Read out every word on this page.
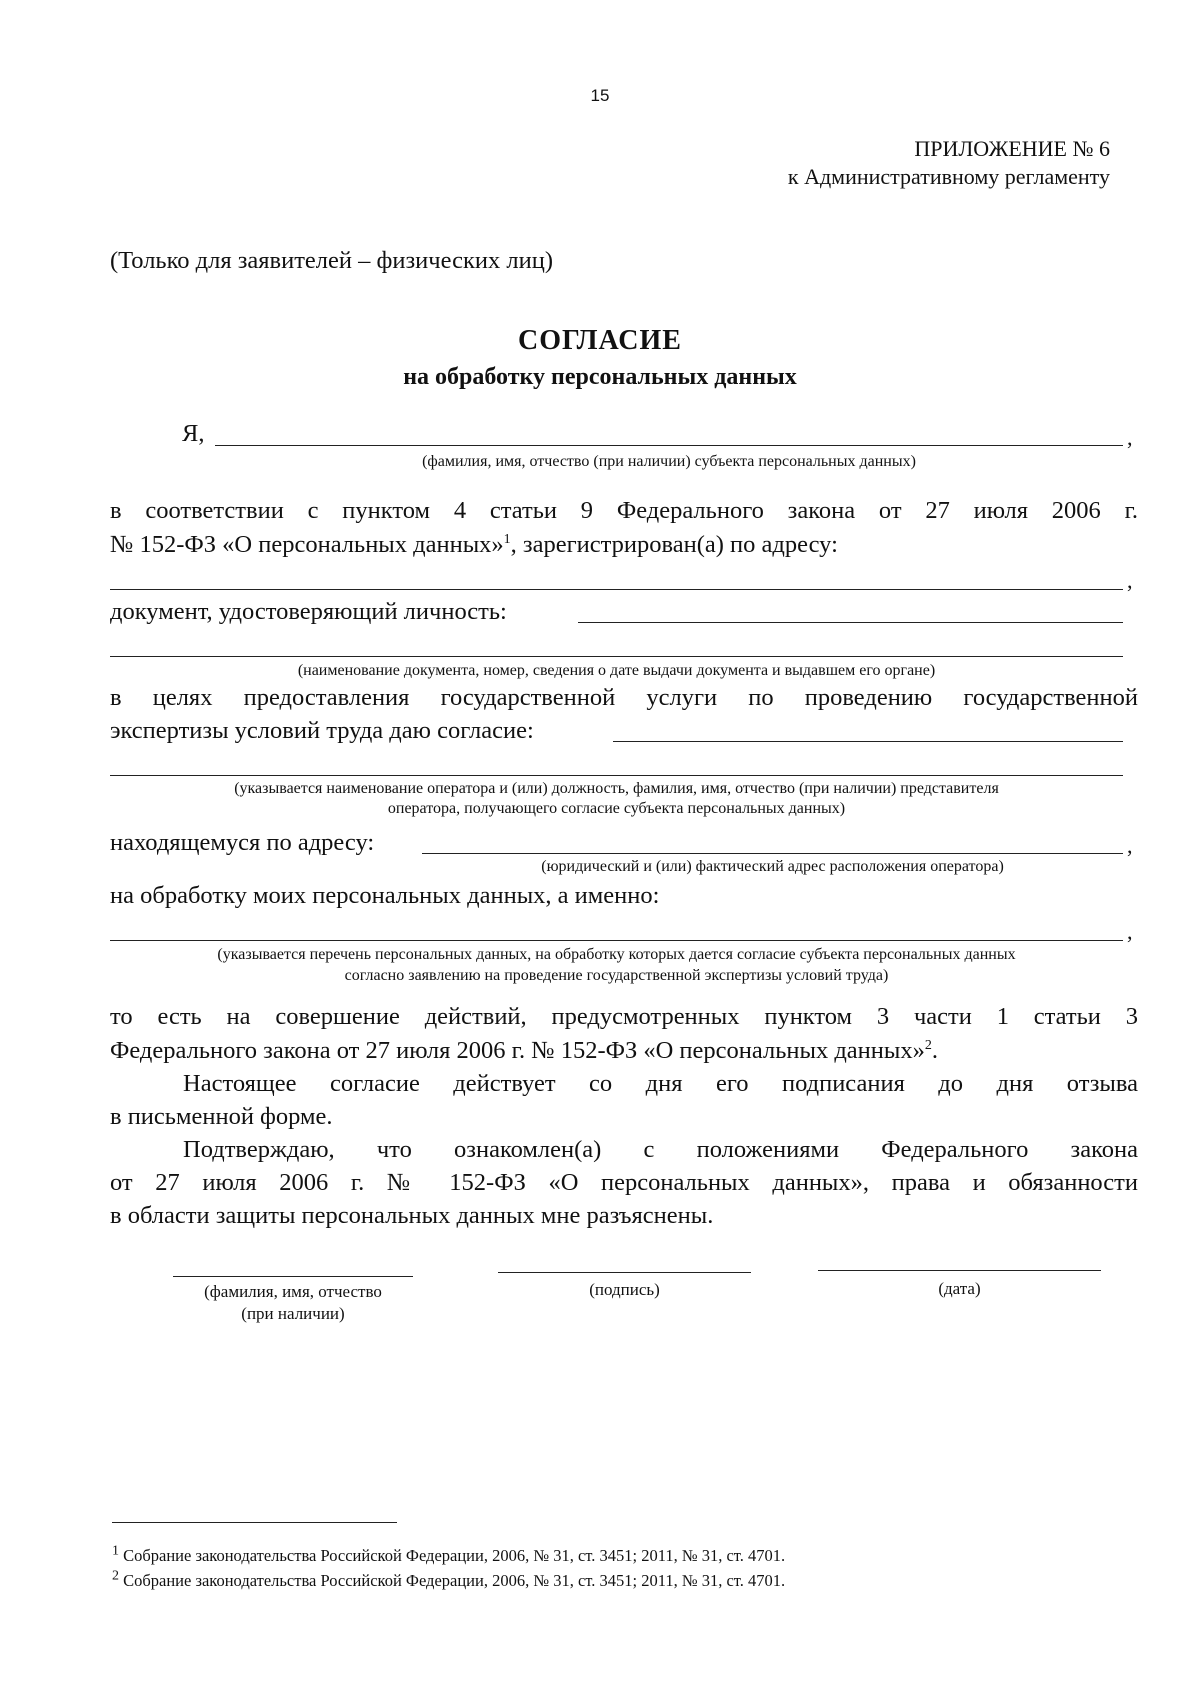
15
ПРИЛОЖЕНИЕ № 6
к Административному регламенту
(Только для заявителей – физических лиц)
СОГЛАСИЕ
на обработку персональных данных
Я,	,
(фамилия, имя, отчество (при наличии) субъекта персональных данных)
в соответствии с пунктом 4 статьи 9 Федерального закона от 27 июля 2006 г.
№ 152-ФЗ «О персональных данных»$^1$, зарегистрирован(а) по адресу:
,
документ, удостоверяющий личность:
(наименование документа, номер, сведения о дате выдачи документа и выдавшем его органе)
в целях предоставления государственной услуги по проведению государственной
экспертизы условий труда даю согласие:
(указывается наименование оператора и (или) должность, фамилия, имя, отчество (при наличии) представителя
оператора, получающего согласие субъекта персональных данных)
находящемуся по адресу:	,
(юридический и (или) фактический адрес расположения оператора)
на обработку моих персональных данных, а именно:
,
(указывается перечень персональных данных, на обработку которых дается согласие субъекта персональных данных
согласно заявлению на проведение государственной экспертизы условий труда)
то есть на совершение действий, предусмотренных пунктом 3 части 1 статьи 3
Федерального закона от 27 июля 2006 г. № 152-ФЗ «О персональных данных»$^2$.
Настоящее согласие действует со дня его подписания до дня отзыва
в письменной форме.
Подтверждаю, что ознакомлен(а) с положениями Федерального закона
от 27 июля 2006 г. № 152-ФЗ «О персональных данных», права и обязанности
в области защиты персональных данных мне разъяснены.
(фамилия, имя, отчество
(при наличии)
(подпись)	(дата)
$^1$ Собрание законодательства Российской Федерации, 2006, № 31, ст. 3451; 2011, № 31, ст. 4701.
$^2$ Собрание законодательства Российской Федерации, 2006, № 31, ст. 3451; 2011, № 31, ст. 4701.
